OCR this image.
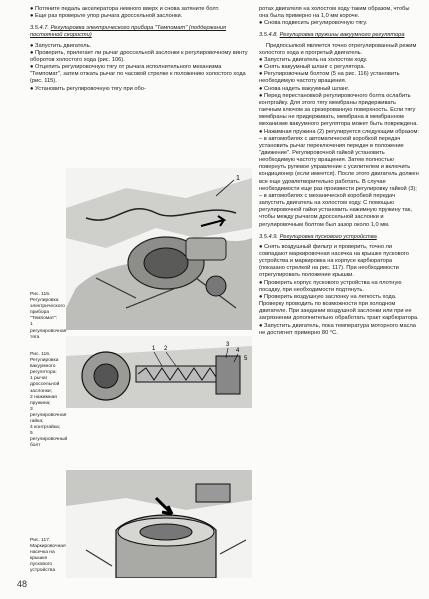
● Потяните педаль акселератора немного вверх и снова затяните болт.

● Еще раз проверьте упор рычага дроссельной заслонки.

3.5.4.7. Регулировка электрического прибора "Темпомат" (поддержания постоянной скорости)

● Запустить двигатель.

● Проверить, прилегает ли рычаг дроссельной заслонки к регулировочному винту оборотов холостого хода (рис. 106).

● Отцепить регулировочную тягу от рычага исполнительного механизма "Темпомат", затем отжать рычаг по часовой стрелке к положению холостого хода (рис. 115).

● Установить регулировочную тягу при обо-

1
Рис. 115.
Регулировка электрического прибора "Темпомат":
1 регулировочная тяга
1 2
3
4
5
Рис. 116.
Регулировка вакуумного регулятора:
1 рычаг дроссельной заслонки;
2 нажимная пружина;
3 регулировочная гайка;
4 контргайка;
5 регулировочный болт
Рис. 117.
Маркировочная насечка на крышке пускового устройства

ротах двигателя на холостом ходу таким образом, чтобы она была примерно на 1,0 мм короче.

● Снова подвесить регулировочную тягу.

3.5.4.8. Регулировка пружины вакуумного регулятора

Предпосылкой является точно отрегулированный режим холостого хода и прогретый двигатель.

● Запустить двигатель на холостом ходу.

● Снять вакуумный шланг с регулятора.

● Регулировочным болтом (5 на рис. 116) установить необходимую частоту вращения.

● Снова надеть вакуумный шланг.

● Перед перестановкой регулировочного болта ослабить контргайку. Для этого тягу мембраны придерживать гаечным ключом за срезерованную поверхность. Если тягу мембраны не придерживать, мембрана в мембранном механизме вакуумного регулятора может быть повреждена.

● Нажимная пружина (2) регулируется следующим образом:

– в автомобилях с автоматической коробкой передач установить рычаг переключения передач в положение "движение". Регулировочной гайкой установить необходимую частоту вращения. Затем полностью повернуть рулевое управление с усилителем и включить кондиционер (если имеется). После этого двигатель должен все еще удовлетворительно работать. В случае необходимости еще раз произвести регулировку гайкой (3);

– в автомобилях с механической коробкой передач запустить двигатель на холостом ходу. С помощью регулировочной гайки установить нажимную пружину так, чтобы между рычагом дроссельной заслонки и регулировочным болтом был зазор около 1,0 мм.

3.5.4.9. Регулировка пускового устройства

● Снять воздушный фильтр и проверить, точно ли совпадают маркировочная насечка на крышке пускового устройства и маркировка на корпусе карбюратора (показано стрелкой на рис. 117). При необходимости отрегулировать положение крышки.

● Проверить корпус пускового устройства на плотную посадку, при необходимости подтянуть.

● Проверить воздушную заслонку на легкость хода. Проверку проводить по возможности при холодном двигателе. При заедании воздушной заслонки или при ее загрязнении дополнительно обработать тракт карбюратора.

● Запустить двигатель, пока температура моторного масла не достигнет примерно 80 °C.

48
